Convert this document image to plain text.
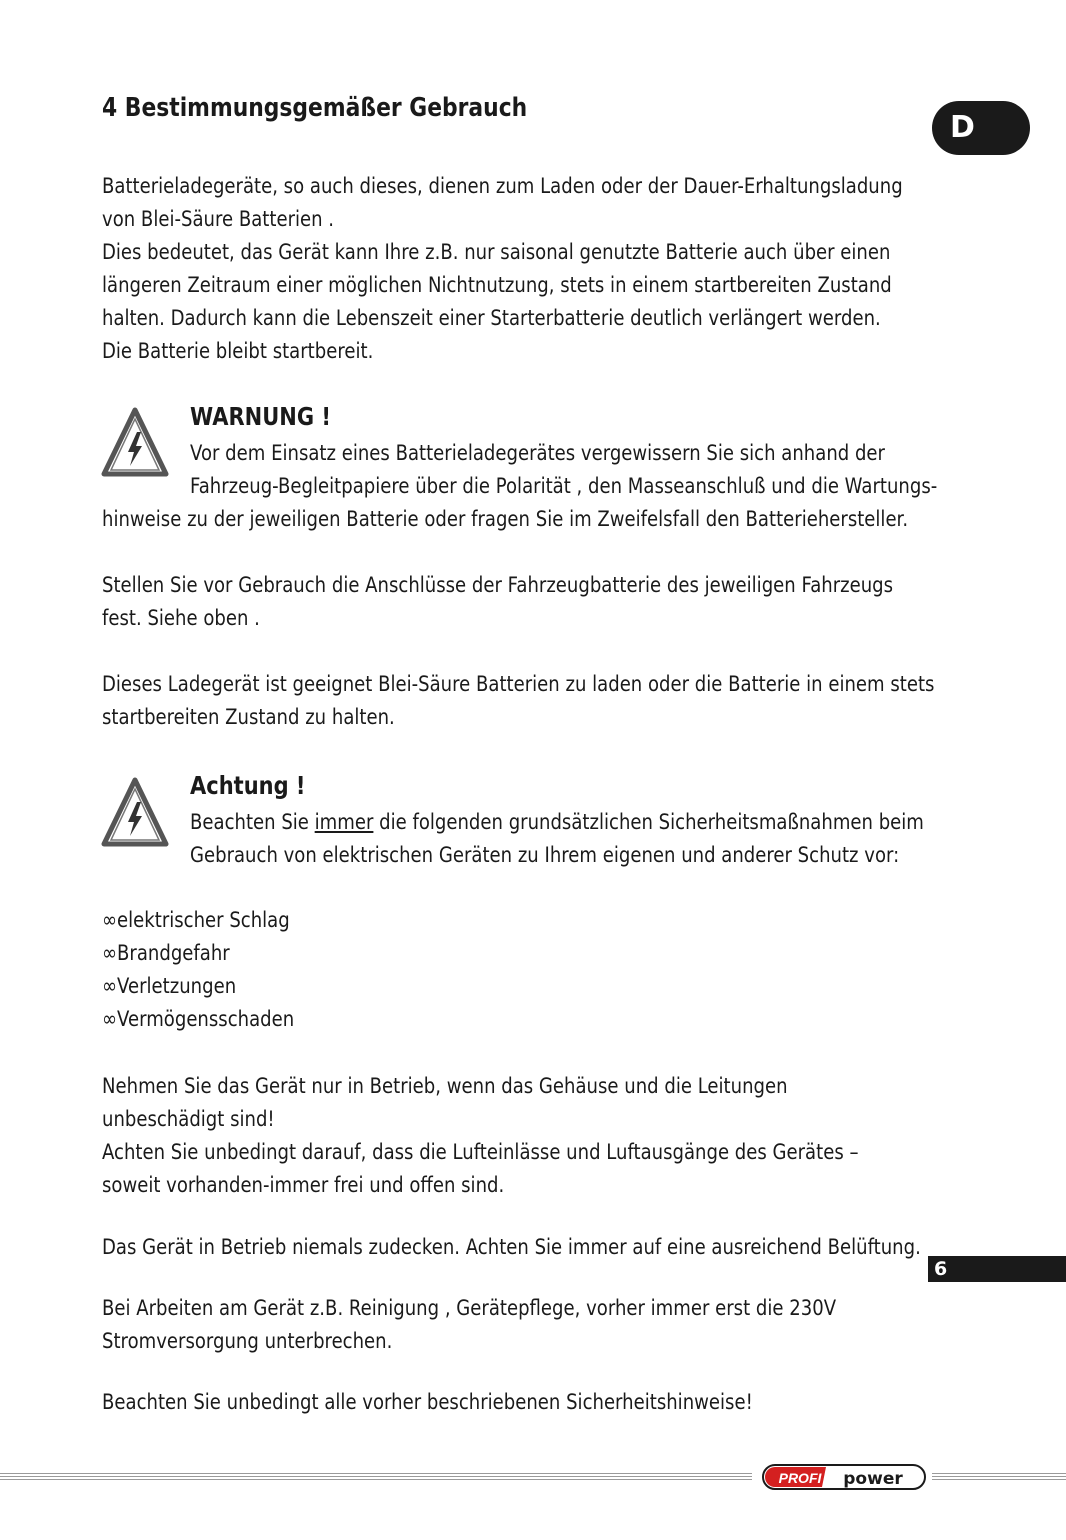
4 Bestimmungsgemäßer Gebrauch
D
Batterieladegeräte, so auch dieses, dienen zum Laden oder der Dauer-Erhaltungsladung
von Blei-Säure Batterien .
Dies bedeutet, das Gerät kann Ihre z.B. nur saisonal genutzte Batterie auch über einen
längeren Zeitraum einer möglichen Nichtnutzung, stets in einem startbereiten Zustand
halten. Dadurch kann die Lebenszeit einer Starterbatterie deutlich verlängert werden.
Die Batterie bleibt startbereit.
WARNUNG !
Vor dem Einsatz eines Batterieladegerätes vergewissern Sie sich anhand der
Fahrzeug-Begleitpapiere über die Polarität , den Masseanschluß und die Wartungs-
hinweise zu der jeweiligen Batterie oder fragen Sie im Zweifelsfall den Batteriehersteller.
Stellen Sie vor Gebrauch die Anschlüsse der Fahrzeugbatterie des jeweiligen Fahrzeugs
fest. Siehe oben .
Dieses Ladegerät ist geeignet Blei-Säure Batterien zu laden oder die Batterie in einem stets
startbereiten Zustand zu halten.
Achtung !
Beachten Sie immer die folgenden grundsätzlichen Sicherheitsmaßnahmen beim
Gebrauch von elektrischen Geräten zu Ihrem eigenen und anderer Schutz vor:
∞elektrischer Schlag
∞Brandgefahr
∞Verletzungen
∞Vermögensschaden
Nehmen Sie das Gerät nur in Betrieb, wenn das Gehäuse und die Leitungen
unbeschädigt sind!
Achten Sie unbedingt darauf, dass die Lufteinlässe und Luftausgänge des Gerätes –
soweit vorhanden-immer frei und offen sind.
Das Gerät in Betrieb niemals zudecken. Achten Sie immer auf eine ausreichend Belüftung.
6
Bei Arbeiten am Gerät z.B. Reinigung , Gerätepflege, vorher immer erst die 230V
Stromversorgung unterbrechen.
Beachten Sie unbedingt alle vorher beschriebenen Sicherheitshinweise!
PROFI power
